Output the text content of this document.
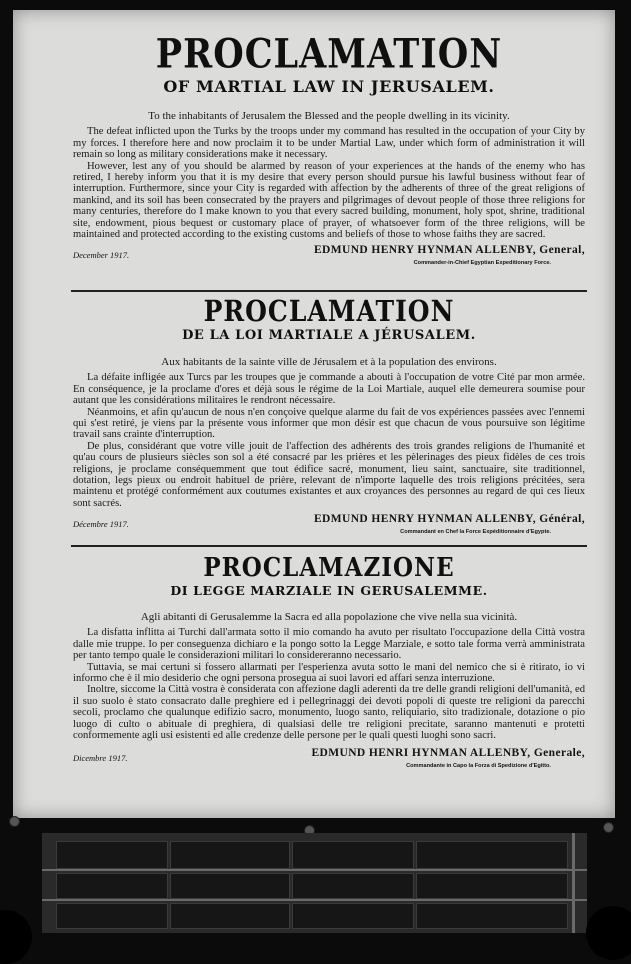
PROCLAMATION
OF MARTIAL LAW IN JERUSALEM.

To the inhabitants of Jerusalem the Blessed and the people dwelling in its vicinity.

The defeat inflicted upon the Turks by the troops under my command has resulted in the occupation of your City by my forces. I therefore here and now proclaim it to be under Martial Law, under which form of administration it will remain so long as military considerations make it necessary.

However, lest any of you should be alarmed by reason of your experiences at the hands of the enemy who has retired, I hereby inform you that it is my desire that every person should pursue his lawful business without fear of interruption. Furthermore, since your City is regarded with affection by the adherents of three of the great religions of mankind, and its soil has been consecrated by the prayers and pilgrimages of devout people of those three religions for many centuries, therefore do I make known to you that every sacred building, monument, holy spot, shrine, traditional site, endowment, pious bequest or customary place of prayer, of whatsoever form of the three religions, will be maintained and protected according to the existing customs and beliefs of those to whose faiths they are sacred.

December 1917.	EDMUND HENRY HYNMAN ALLENBY, General,
Commander-in-Chief Egyptian Expeditionary Force.
PROCLAMATION
DE LA LOI MARTIALE A JÉRUSALEM.

Aux habitants de la sainte ville de Jérusalem et à la population des environs.

La défaite infligée aux Turcs par les troupes que je commande a abouti à l'occupation de votre Cité par mon armée. En conséquence, je la proclame d'ores et déjà sous le régime de la Loi Martiale, auquel elle demeurera soumise pour autant que les considérations militaires le rendront nécessaire.

Néanmoins, et afin qu'aucun de nous n'en conçoive quelque alarme du fait de vos expériences passées avec l'ennemi qui s'est retiré, je viens par la présente vous informer que mon désir est que chacun de vous poursuive son légitime travail sans crainte d'interruption.

De plus, considérant que votre ville jouit de l'affection des adhérents des trois grandes religions de l'humanité et qu'au cours de plusieurs siècles son sol a été consacré par les prières et les pèlerinages des pieux fidèles de ces trois religions, je proclame conséquemment que tout édifice sacré, monument, lieu saint, sanctuaire, site traditionnel, dotation, legs pieux ou endroit habituel de prière, relevant de n'importe laquelle des trois religions précitées, sera maintenu et protégé conformément aux coutumes existantes et aux croyances des personnes au regard de qui ces lieux sont sacrés.

Décembre 1917.	EDMUND HENRY HYNMAN ALLENBY, Général,
Commandant en Chef la Force Expéditionnaire d'Egypte.
PROCLAMAZIONE
DI LEGGE MARZIALE IN GERUSALEMME.

Agli abitanti di Gerusalemme la Sacra ed alla popolazione che vive nella sua vicinità.

La disfatta inflitta ai Turchi dall'armata sotto il mio comando ha avuto per risultato l'occupazione della Città vostra dalle mie truppe. Io per conseguenza dichiaro e la pongo sotto la Legge Marziale, e sotto tale forma verrà amministrata per tanto tempo quale le considerazioni militari lo considereranno necessario.

Tuttavia, se mai certuni si fossero allarmati per l'esperienza avuta sotto le mani del nemico che si è ritirato, io vi informo che è il mio desiderio che ogni persona prosegua ai suoi lavori ed affari senza interruzione.

Inoltre, siccome la Città vostra è considerata con affezione dagli aderenti da tre delle grandi religioni dell'umanità, ed il suo suolo è stato consacrato dalle preghiere ed i pellegrinaggi dei devoti popoli di queste tre religioni da parecchi secoli, proclamo che qualunque edifizio sacro, monumento, luogo santo, reliquiario, sito tradizionale, dotazione o pio luogo di culto o abituale di preghiera, di qualsiasi delle tre religioni precitate, saranno mantenuti e protetti conformemente agli usi esistenti ed alle credenze delle persone per le quali questi luoghi sono sacri.

Dicembre 1917.	EDMUND HENRI HYNMAN ALLENBY, Generale,
Commandante in Capo la Forza di Spedizione d'Egitto.
